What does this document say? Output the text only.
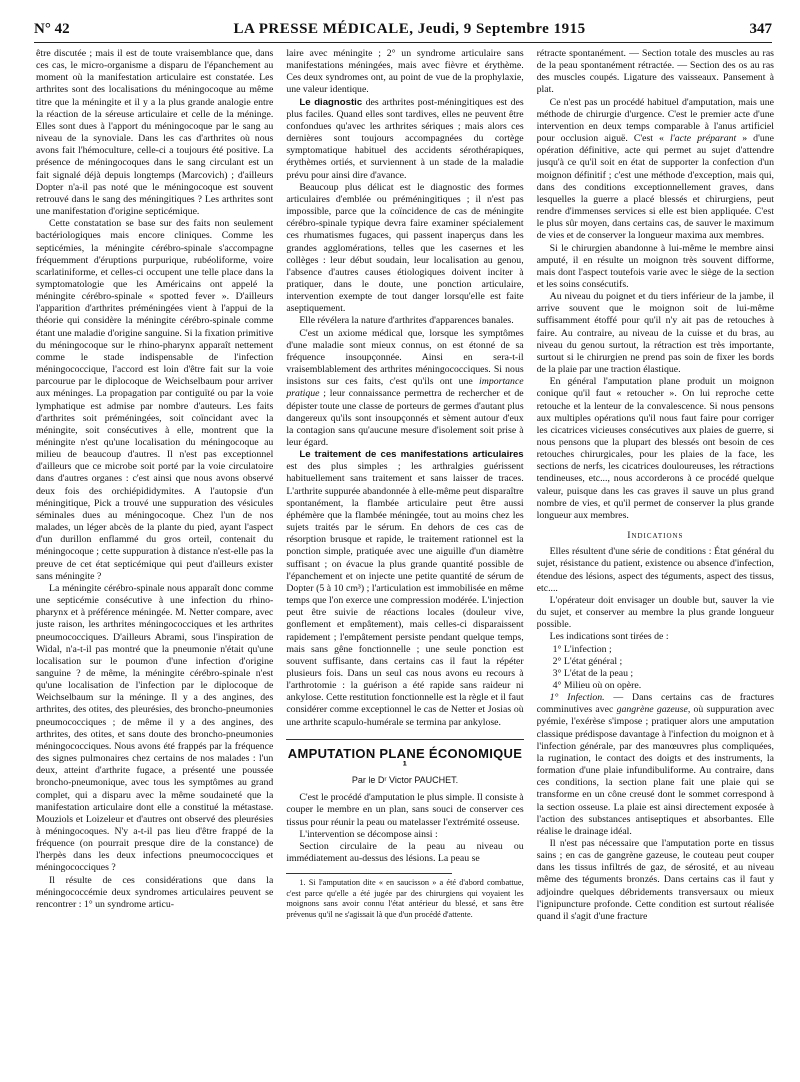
N° 42	LA PRESSE MÉDICALE, Jeudi, 9 Septembre 1915	347

être discutée ; mais il est de toute vraisemblance que, dans ces cas, le micro-organisme a disparu de l'épanchement au moment où la manifestation articulaire est constatée. Les arthrites sont des localisations du méningocoque au même titre que la méningite et il y a la plus grande analogie entre la réaction de la séreuse articulaire et celle de la méninge. Elles sont dues à l'apport du méningocoque par le sang au niveau de la synoviale. Dans les cas d'arthrites où nous avons fait l'hémoculture, celle-ci a toujours été positive. La présence de méningocoques dans le sang circulant est un fait signalé déjà depuis longtemps (Marcovich) ; d'ailleurs Dopter n'a-il pas noté que le méningocoque est souvent retrouvé dans le sang des méningitiques ? Les arthrites sont une manifestation d'origine septicémique.

Cette constatation se base sur des faits non seulement bactériologiques mais encore cliniques. Comme les septicémies, la méningite cérébro-spinale s'accompagne fréquemment d'éruptions purpurique, rubéoliforme, voire scarlatiniforme, et celles-ci occupent une telle place dans la symptomatologie que les Américains ont appelé la méningite cérébro-spinale « spotted fever ». D'ailleurs l'apparition d'arthrites préméningées vient à l'appui de la théorie qui considère la méningite cérébro-spinale comme étant une maladie d'origine sanguine. Si la fixation primitive du méningocoque sur le rhino-pharynx apparaît nettement comme le stade indispensable de l'infection méningococcique, l'accord est loin d'être fait sur la voie parcourue par le diplocoque de Weichselbaum pour arriver aux méninges. La propagation par contiguïté ou par la voie lymphatique est admise par nombre d'auteurs. Les faits d'arthrites soit préméningées, soit coïncidant avec la méningite, soit consécutives à elle, montrent que la méningite n'est qu'une localisation du méningocoque au milieu de beaucoup d'autres. Il n'est pas exceptionnel d'ailleurs que ce microbe soit porté par la voie circulatoire dans d'autres organes : c'est ainsi que nous avons observé deux fois des orchiépididymites. A l'autopsie d'un méningitique, Pick a trouvé une suppuration des vésicules séminales dues au méningocoque. Chez l'un de nos malades, un léger abcès de la plante du pied, ayant l'aspect d'un durillon enflammé du gros orteil, contenait du méningocoque ; cette suppuration à distance n'est-elle pas la preuve de cet état septicémique qui peut d'ailleurs exister sans méningite ?

La méningite cérébro-spinale nous apparaît donc comme une septicémie consécutive à une infection du rhino-pharynx et à préférence méningée. M. Netter compare, avec juste raison, les arthrites méningococciques et les arthrites pneumococciques. D'ailleurs Abrami, sous l'inspiration de Widal, n'a-t-il pas montré que la pneumonie n'était qu'une localisation sur le poumon d'une infection d'origine sanguine ? de même, la méningite cérébro-spinale n'est qu'une localisation de l'infection par le diplocoque de Weichselbaum sur la méninge. Il y a des angines, des arthrites, des otites, des pleurésies, des broncho-pneumonies pneumococciques ; de même il y a des angines, des arthrites, des otites, et sans doute des broncho-pneumonies méningococciques. Nous avons été frappés par la fréquence des signes pulmonaires chez certains de nos malades : l'un deux, atteint d'arthrite fugace, a présenté une poussée broncho-pneumonique, avec tous les symptômes au grand complet, qui a disparu avec la même soudaineté que la manifestation articulaire dont elle a constitué la métastase. Mouziols et Loizeleur et d'autres ont observé des pleurésies à méningocoques. N'y a-t-il pas lieu d'être frappé de la fréquence (on pourrait presque dire de la constance) de l'herpès dans les deux infections pneumococciques et méningococciques ?

Il résulte de ces considérations que dans la méningococcémie deux syndromes articulaires peuvent se rencontrer : 1° un syndrome articu-

laire avec méningite ; 2° un syndrome articulaire sans manifestations méningées, mais avec fièvre et érythème. Ces deux syndromes ont, au point de vue de la prophylaxie, une valeur identique.

Le diagnostic des arthrites post-méningitiques est des plus faciles. Quand elles sont tardives, elles ne peuvent être confondues qu'avec les arthrites sériques ; mais alors ces dernières sont toujours accompagnées du cortège symptomatique habituel des accidents sérothérapiques, érythèmes ortiés, et surviennent à un stade de la maladie prévu pour ainsi dire d'avance.

Beaucoup plus délicat est le diagnostic des formes articulaires d'emblée ou préméningitiques ; il n'est pas impossible, parce que la coïncidence de cas de méningite cérébro-spinale typique devra faire examiner spécialement ces rhumatismes fugaces, qui passent inaperçus dans les grandes agglomérations, telles que les casernes et les collèges : leur début soudain, leur localisation au genou, l'absence d'autres causes étiologiques doivent inciter à pratiquer, dans le doute, une ponction articulaire, intervention exempte de tout danger lorsqu'elle est faite aseptiquement.

Elle révélera la nature d'arthrites d'apparences banales.

C'est un axiome médical que, lorsque les symptômes d'une maladie sont mieux connus, on est étonné de sa fréquence insoupçonnée. Ainsi en sera-t-il vraisemblablement des arthrites méningococciques. Si nous insistons sur ces faits, c'est qu'ils ont une importance pratique ; leur connaissance permettra de rechercher et de dépister toute une classe de porteurs de germes d'autant plus dangereux qu'ils sont insoupçonnés et sèment autour d'eux la contagion sans qu'aucune mesure d'isolement soit prise à leur égard.

Le traitement de ces manifestations articulaires est des plus simples ; les arthralgies guérissent habituellement sans traitement et sans laisser de traces. L'arthrite suppurée abandonnée à elle-même peut disparaître spontanément, la flambée articulaire peut être aussi éphémère que la flambée méningée, tout au moins chez les sujets traités par le sérum. En dehors de ces cas de résorption brusque et rapide, le traitement rationnel est la ponction simple, pratiquée avec une aiguille d'un diamètre suffisant ; on évacue la plus grande quantité possible de l'épanchement et on injecte une petite quantité de sérum de Dopter (5 à 10 cm³) ; l'articulation est immobilisée en même temps que l'on exerce une compression modérée. L'injection peut être suivie de réactions locales (douleur vive, gonflement et empâtement), mais celles-ci disparaissent rapidement ; l'empâtement persiste pendant quelque temps, mais sans gêne fonctionnelle ; une seule ponction est souvent suffisante, dans certains cas il faut la répéter plusieurs fois. Dans un seul cas nous avons eu recours à l'arthrotomie : la guérison a été rapide sans raideur ni ankylose. Cette restitution fonctionnelle est la règle et il faut considérer comme exceptionnel le cas de Netter et Josias où une arthrite scapulo-humérale se termina par ankylose.

AMPUTATION PLANE ÉCONOMIQUE ¹
Par le Dʳ Victor PAUCHET.

C'est le procédé d'amputation le plus simple. Il consiste à couper le membre en un plan, sans souci de conserver ces tissus pour réunir la peau ou matelasser l'extrémité osseuse.

L'intervention se décompose ainsi :

Section circulaire de la peau au niveau ou immédiatement au-dessus des lésions. La peau se

1. Si l'amputation dite « en saucisson » a été d'abord combattue, c'est parce qu'elle a été jugée par des chirurgiens qui voyaient les moignons sans avoir connu l'état antérieur du blessé, et sans être prévenus qu'il ne s'agissait là que d'un procédé d'attente.

rétracte spontanément. — Section totale des muscles au ras de la peau spontanément rétractée. — Section des os au ras des muscles coupés. Ligature des vaisseaux. Pansement à plat.

Ce n'est pas un procédé habituel d'amputation, mais une méthode de chirurgie d'urgence. C'est le premier acte d'une intervention en deux temps comparable à l'anus artificiel pour occlusion aiguë. C'est « l'acte préparant » d'une opération définitive, acte qui permet au sujet d'attendre jusqu'à ce qu'il soit en état de supporter la confection d'un moignon définitif ; c'est une méthode d'exception, mais qui, dans des conditions exceptionnellement graves, dans lesquelles la guerre a placé blessés et chirurgiens, peut rendre d'immenses services si elle est bien appliquée. C'est le plus sûr moyen, dans certains cas, de sauver le maximum de vies et de conserver la longueur maxima aux membres.

Si le chirurgien abandonne à lui-même le membre ainsi amputé, il en résulte un moignon très souvent difforme, mais dont l'aspect toutefois varie avec le siège de la section et les soins consécutifs.

Au niveau du poignet et du tiers inférieur de la jambe, il arrive souvent que le moignon soit de lui-même suffisamment étoffé pour qu'il n'y ait pas de retouches à faire. Au contraire, au niveau de la cuisse et du bras, au niveau du genou surtout, la rétraction est très importante, surtout si le chirurgien ne prend pas soin de fixer les bords de la plaie par une traction élastique.

En général l'amputation plane produit un moignon conique qu'il faut « retoucher ». On lui reproche cette retouche et la lenteur de la convalescence. Si nous pensons aux multiples opérations qu'il nous faut faire pour corriger les cicatrices vicieuses consécutives aux plaies de guerre, si nous pensons que la plupart des blessés ont besoin de ces retouches chirurgicales, pour les plaies de la face, les sections de nerfs, les cicatrices douloureuses, les rétractions tendineuses, etc..., nous accorderons à ce procédé quelque valeur, puisque dans les cas graves il sauve un plus grand nombre de vies, et qu'il permet de conserver la plus grande longueur aux membres.

Indications

Elles résultent d'une série de conditions : État général du sujet, résistance du patient, existence ou absence d'infection, étendue des lésions, aspect des téguments, aspect des tissus, etc....

L'opérateur doit envisager un double but, sauver la vie du sujet, et conserver au membre la plus grande longueur possible.

Les indications sont tirées de :

1° L'infection ;
2° L'état général ;
3° L'état de la peau ;
4° Milieu où on opère.

1° Infection. — Dans certains cas de fractures comminutives avec gangrène gazeuse, où suppuration avec pyémie, l'exérèse s'impose ; pratiquer alors une amputation classique prédispose davantage à l'infection du moignon et à l'infection générale, par des manœuvres plus compliquées, la rugination, le contact des doigts et des instruments, la formation d'une plaie infundibuliforme. Au contraire, dans ces conditions, la section plane fait une plaie qui se transforme en un cône creusé dont le sommet correspond à la section osseuse. La plaie est ainsi directement exposée à l'action des substances antiseptiques et absorbantes. Elle réalise le drainage idéal.

Il n'est pas nécessaire que l'amputation porte en tissus sains ; en cas de gangrène gazeuse, le couteau peut couper dans les tissus infiltrés de gaz, de sérosité, et au niveau même des téguments bronzés. Dans certains cas il faut y adjoindre quelques débridements transversaux ou mieux l'ignipuncture profonde. Cette condition est surtout réalisée quand il s'agit d'une fracture
